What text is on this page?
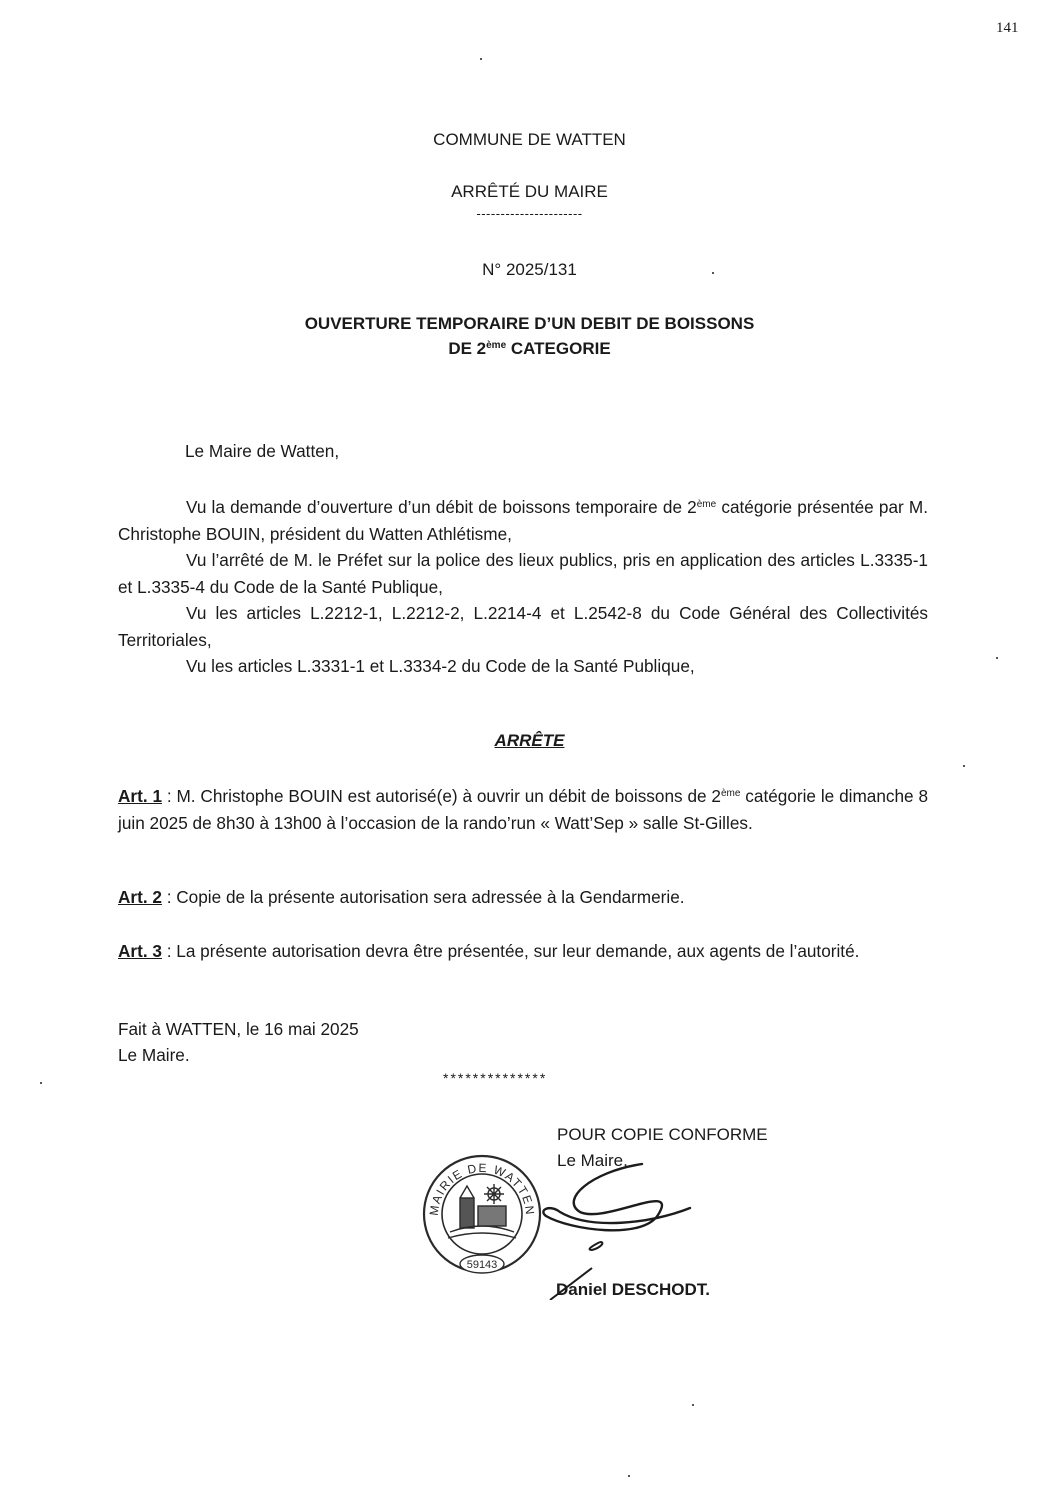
141
COMMUNE DE WATTEN
ARRÊTÉ DU MAIRE
----------------------
N° 2025/131
OUVERTURE TEMPORAIRE D’UN DEBIT DE BOISSONS
DE 2ème CATEGORIE
Le Maire de Watten,

Vu la demande d’ouverture d’un débit de boissons temporaire de 2ème catégorie présentée par M. Christophe BOUIN, président du Watten Athlétisme,

Vu l’arrêté de M. le Préfet sur la police des lieux publics, pris en application des articles L.3335-1 et L.3335-4 du Code de la Santé Publique,

Vu les articles L.2212-1, L.2212-2, L.2214-4 et L.2542-8 du Code Général des Collectivités Territoriales,

Vu les articles L.3331-1 et L.3334-2 du Code de la Santé Publique,

ARRÊTE
Art. 1 : M. Christophe BOUIN est autorisé(e) à ouvrir un débit de boissons de 2ème catégorie le dimanche 8 juin 2025 de 8h30 à 13h00 à l’occasion de la rando’run « Watt’Sep » salle St-Gilles.
Art. 2 : Copie de la présente autorisation sera adressée à la Gendarmerie.
Art. 3 : La présente autorisation devra être présentée, sur leur demande, aux agents de l’autorité.
Fait à WATTEN, le 16 mai 2025
Le Maire.
**************
POUR COPIE CONFORME
Le Maire,
MAIRIE DE WATTEN
59143
Daniel DESCHODT.
